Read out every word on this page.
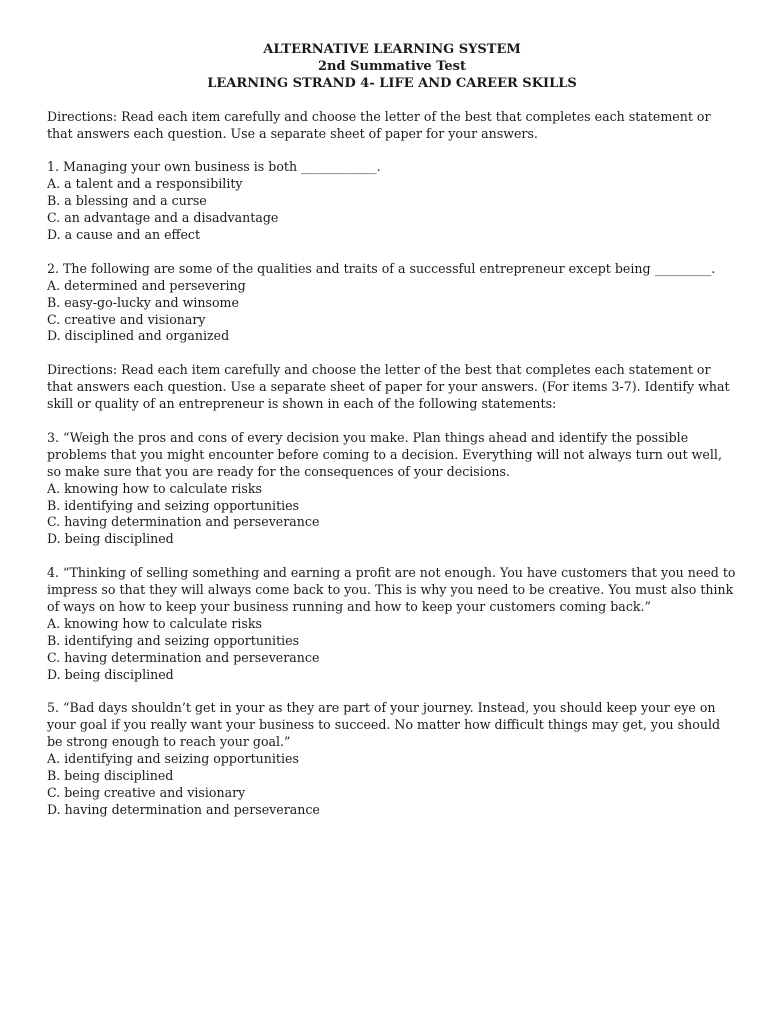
ALTERNATIVE LEARNING SYSTEM
2nd Summative Test
LEARNING STRAND 4- LIFE AND CAREER SKILLS

Directions: Read each item carefully and choose the letter of the best that completes each statement or that answers each question. Use a separate sheet of paper for your answers.

1. Managing your own business is both ____________.

A. a talent and a responsibility

B. a blessing and a curse

C. an advantage and a disadvantage

D. a cause and an effect

2. The following are some of the qualities and traits of a successful entrepreneur except being _________.

A. determined and persevering

B. easy-go-lucky and winsome

C. creative and visionary

D. disciplined and organized

Directions: Read each item carefully and choose the letter of the best that completes each statement or that answers each question. Use a separate sheet of paper for your answers. (For items 3-7). Identify what skill or quality of an entrepreneur is shown in each of the following statements:

3. “Weigh the pros and cons of every decision you make. Plan things ahead and identify the possible problems that you might encounter before coming to a decision. Everything will not always turn out well, so make sure that you are ready for the consequences of your decisions.

A. knowing how to calculate risks

B. identifying and seizing opportunities

C. having determination and perseverance

D. being disciplined

4. “Thinking of selling something and earning a profit are not enough. You have customers that you need to impress so that they will always come back to you. This is why you need to be creative. You must also think of ways on how to keep your business running and how to keep your customers coming back.”

A. knowing how to calculate risks

B. identifying and seizing opportunities

C. having determination and perseverance

D. being disciplined

5. “Bad days shouldn’t get in your as they are part of your journey. Instead, you should keep your eye on your goal if you really want your business to succeed. No matter how difficult things may get, you should be strong enough to reach your goal.”

A. identifying and seizing opportunities

B. being disciplined

C. being creative and visionary

D. having determination and perseverance
